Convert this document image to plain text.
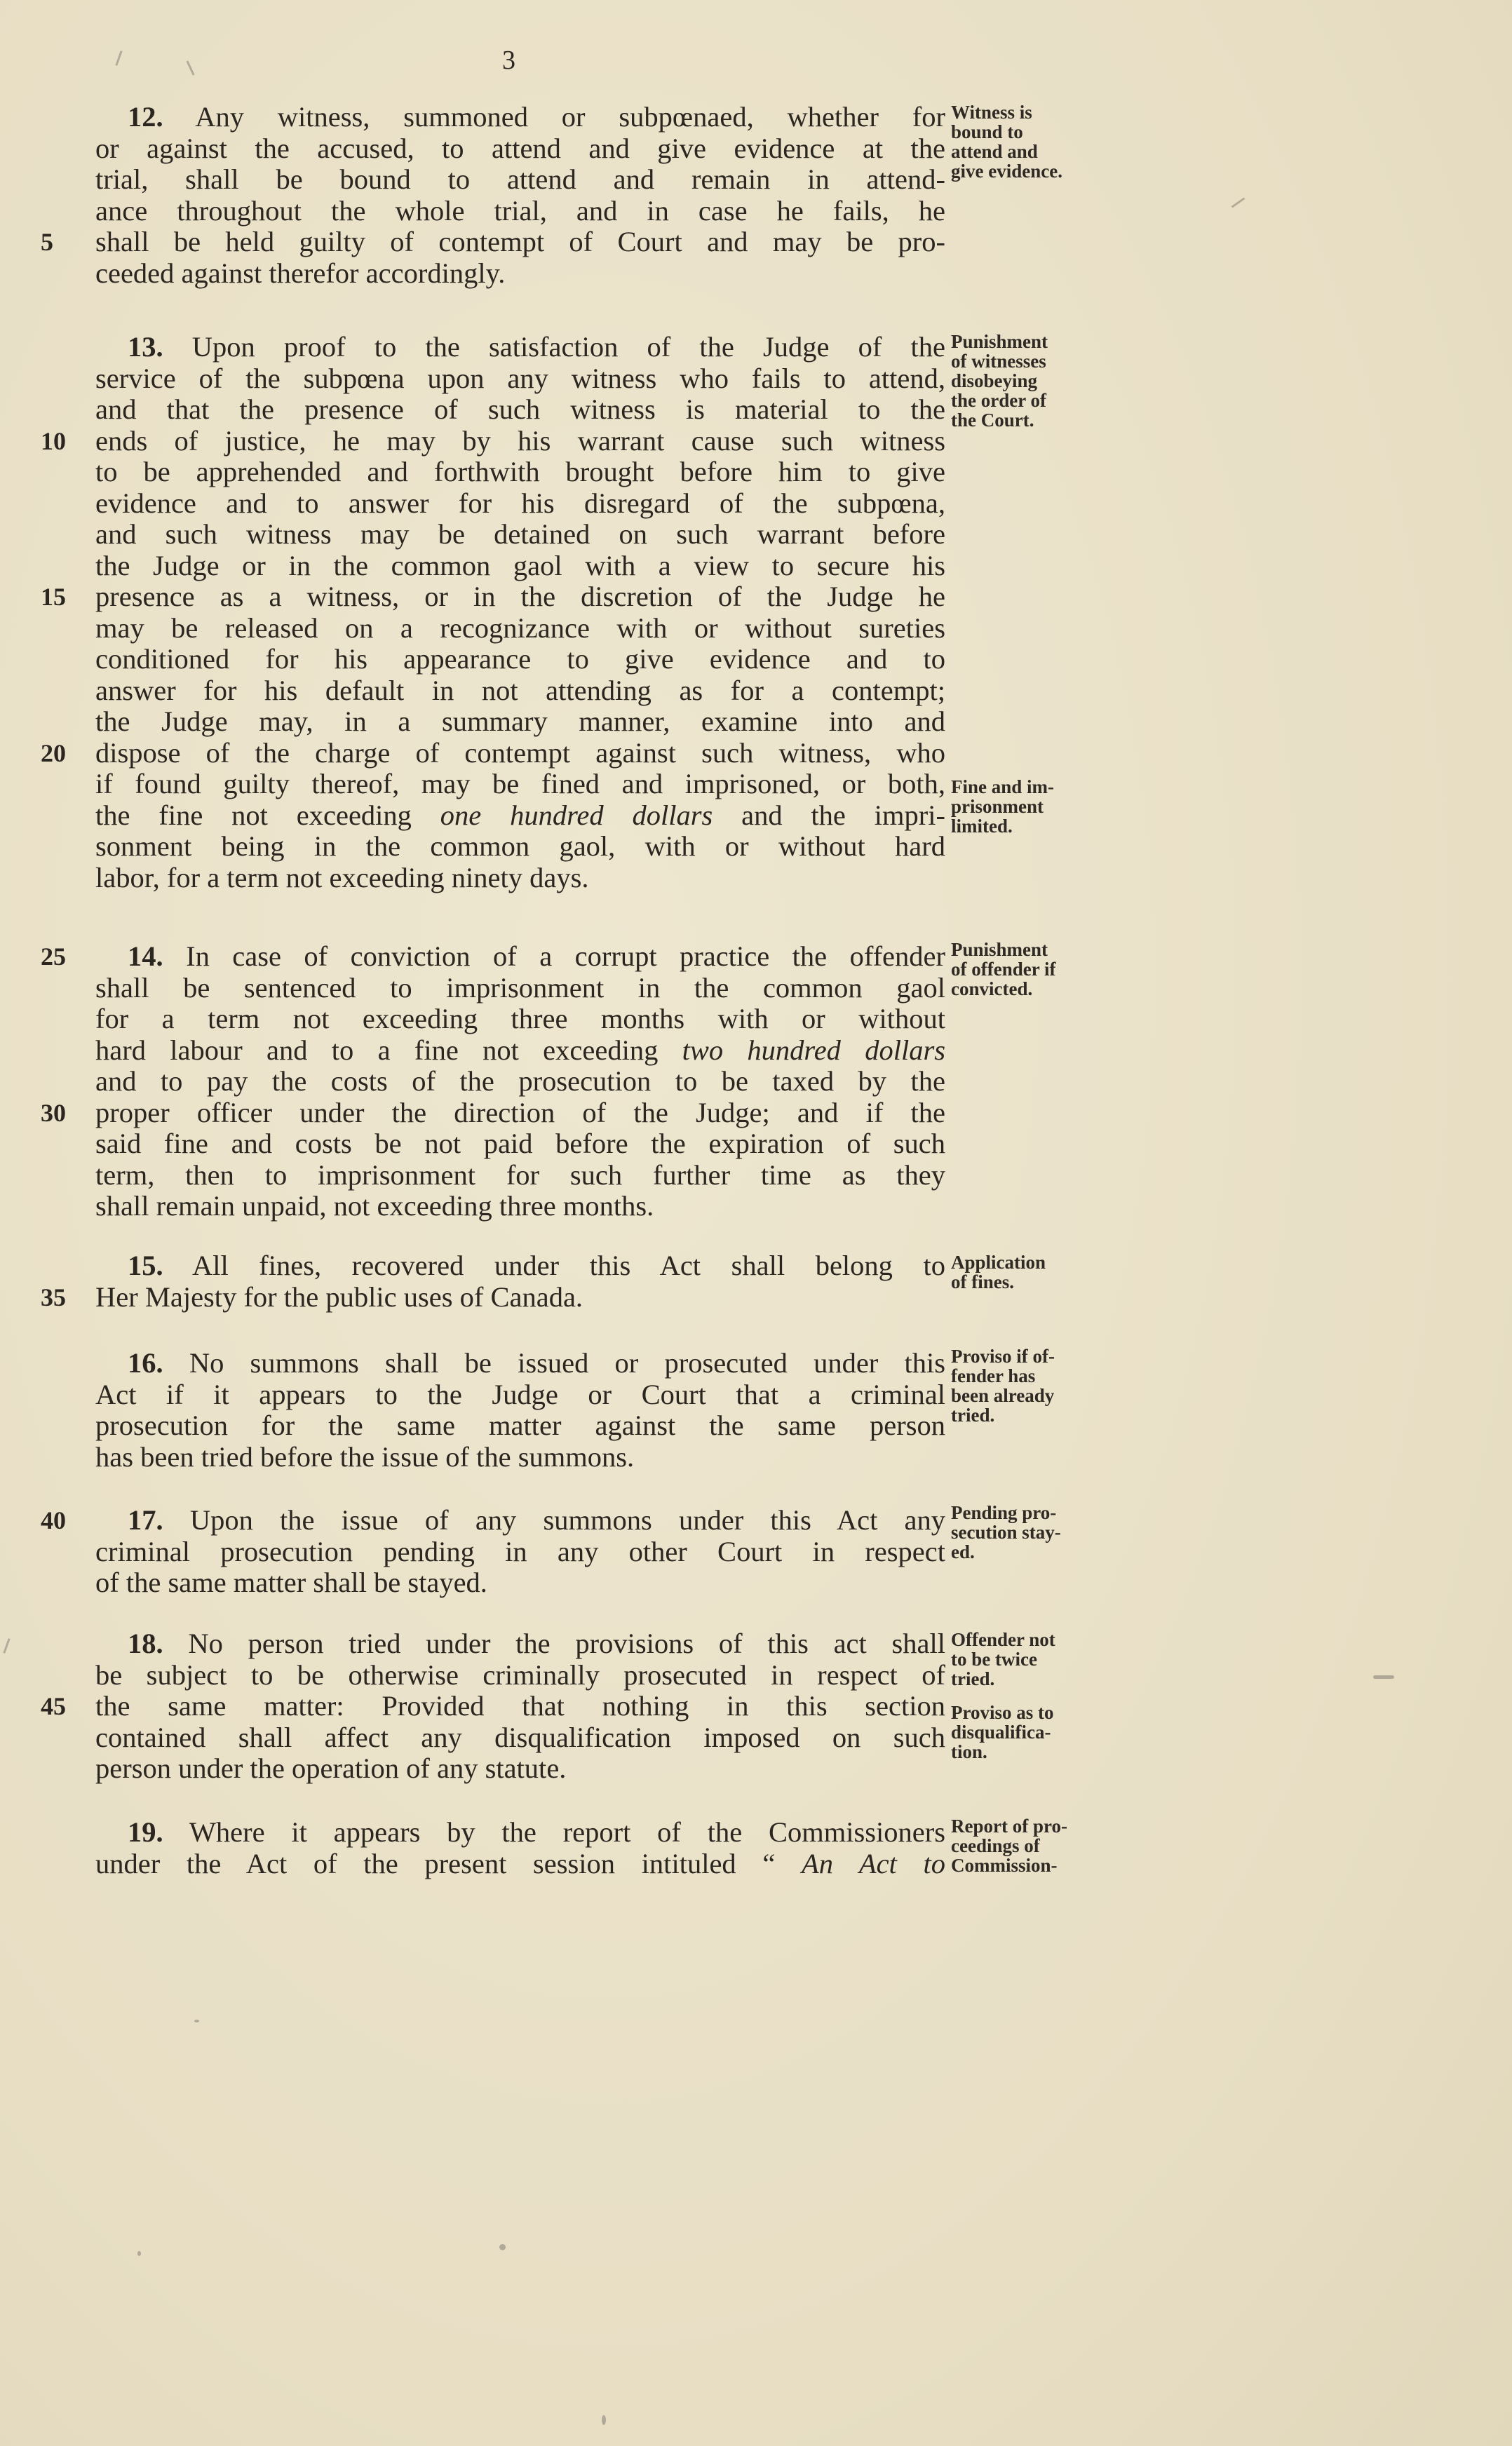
3
12. Any witness, summoned or subpœnaed, whether for
or against the accused, to attend and give evidence at the
trial, shall be bound to attend and remain in attend-
ance throughout the whole trial, and in case he fails, he
5	shall be held guilty of contempt of Court and may be pro-
ceeded against therefor accordingly.
Witness is
bound to
attend and
give evidence.
13. Upon proof to the satisfaction of the Judge of the
service of the subpœna upon any witness who fails to attend,
and that the presence of such witness is material to the
10	ends of justice, he may by his warrant cause such witness
to be apprehended and forthwith brought before him to give
evidence and to answer for his disregard of the subpœna,
and such witness may be detained on such warrant before
the Judge or in the common gaol with a view to secure his
15	presence as a witness, or in the discretion of the Judge he
may be released on a recognizance with or without sureties
conditioned for his appearance to give evidence and to
answer for his default in not attending as for a contempt;
the Judge may, in a summary manner, examine into and
20	dispose of the charge of contempt against such witness, who
if found guilty thereof, may be fined and imprisoned, or both,
the fine not exceeding one hundred dollars and the impri-
sonment being in the common gaol, with or without hard
labor, for a term not exceeding ninety days.
Punishment
of witnesses
disobeying
the order of
the Court.
Fine and im-
prisonment
limited.
25	14. In case of conviction of a corrupt practice the offender
shall be sentenced to imprisonment in the common gaol
for a term not exceeding three months with or without
hard labour and to a fine not exceeding two hundred dollars
and to pay the costs of the prosecution to be taxed by the
30	proper officer under the direction of the Judge; and if the
said fine and costs be not paid before the expiration of such
term, then to imprisonment for such further time as they
shall remain unpaid, not exceeding three months.
Punishment
of offender if
convicted.
15. All fines, recovered under this Act shall belong to
35	Her Majesty for the public uses of Canada.
Application
of fines.
16. No summons shall be issued or prosecuted under this
Act if it appears to the Judge or Court that a criminal
prosecution for the same matter against the same person
has been tried before the issue of the summons.
Proviso if of-
fender has
been already
tried.
40	17. Upon the issue of any summons under this Act any
criminal prosecution pending in any other Court in respect
of the same matter shall be stayed.
Pending pro-
secution stay-
ed.
18. No person tried under the provisions of this act shall
be subject to be otherwise criminally prosecuted in respect of
45	the same matter: Provided that nothing in this section
contained shall affect any disqualification imposed on such
person under the operation of any statute.
Offender not
to be twice
tried.
Proviso as to
disqualifica-
tion.
19. Where it appears by the report of the Commissioners
under the Act of the present session intituled “ An Act to
Report of pro-
ceedings of
Commission-
